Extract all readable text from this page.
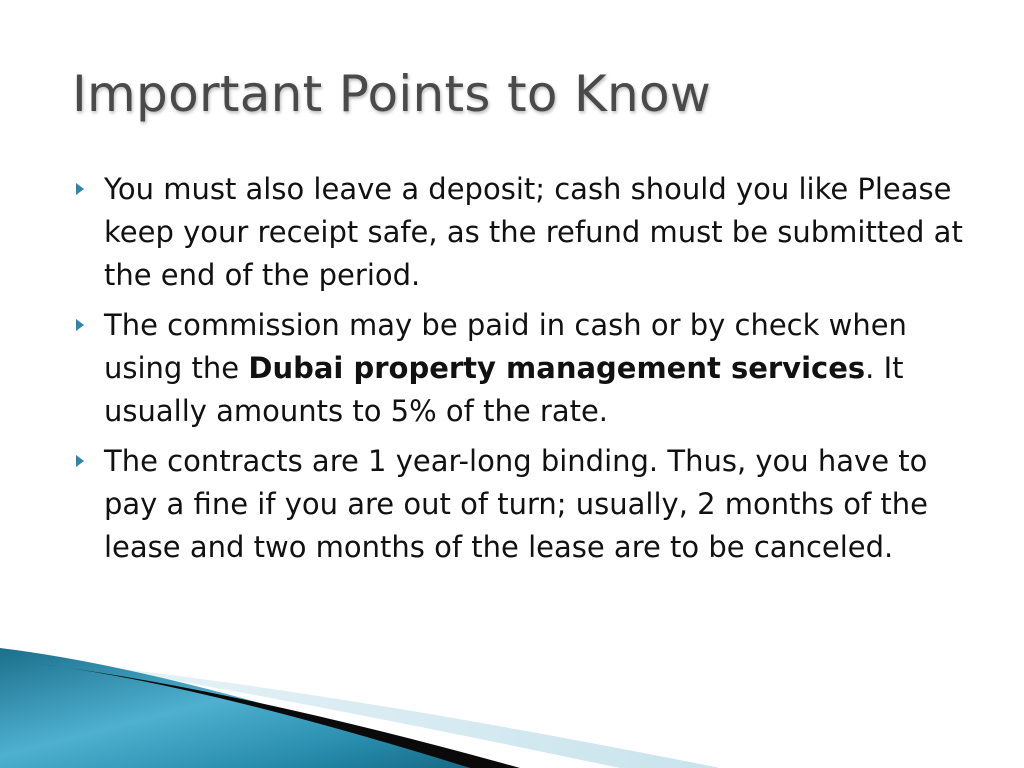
Important Points to Know
You must also leave a deposit; cash should you like Please keep your receipt safe, as the refund must be submitted at the end of the period.
The commission may be paid in cash or by check when using the Dubai property management services. It usually amounts to 5% of the rate.
The contracts are 1 year-long binding. Thus, you have to pay a fine if you are out of turn; usually, 2 months of the lease and two months of the lease are to be canceled.
